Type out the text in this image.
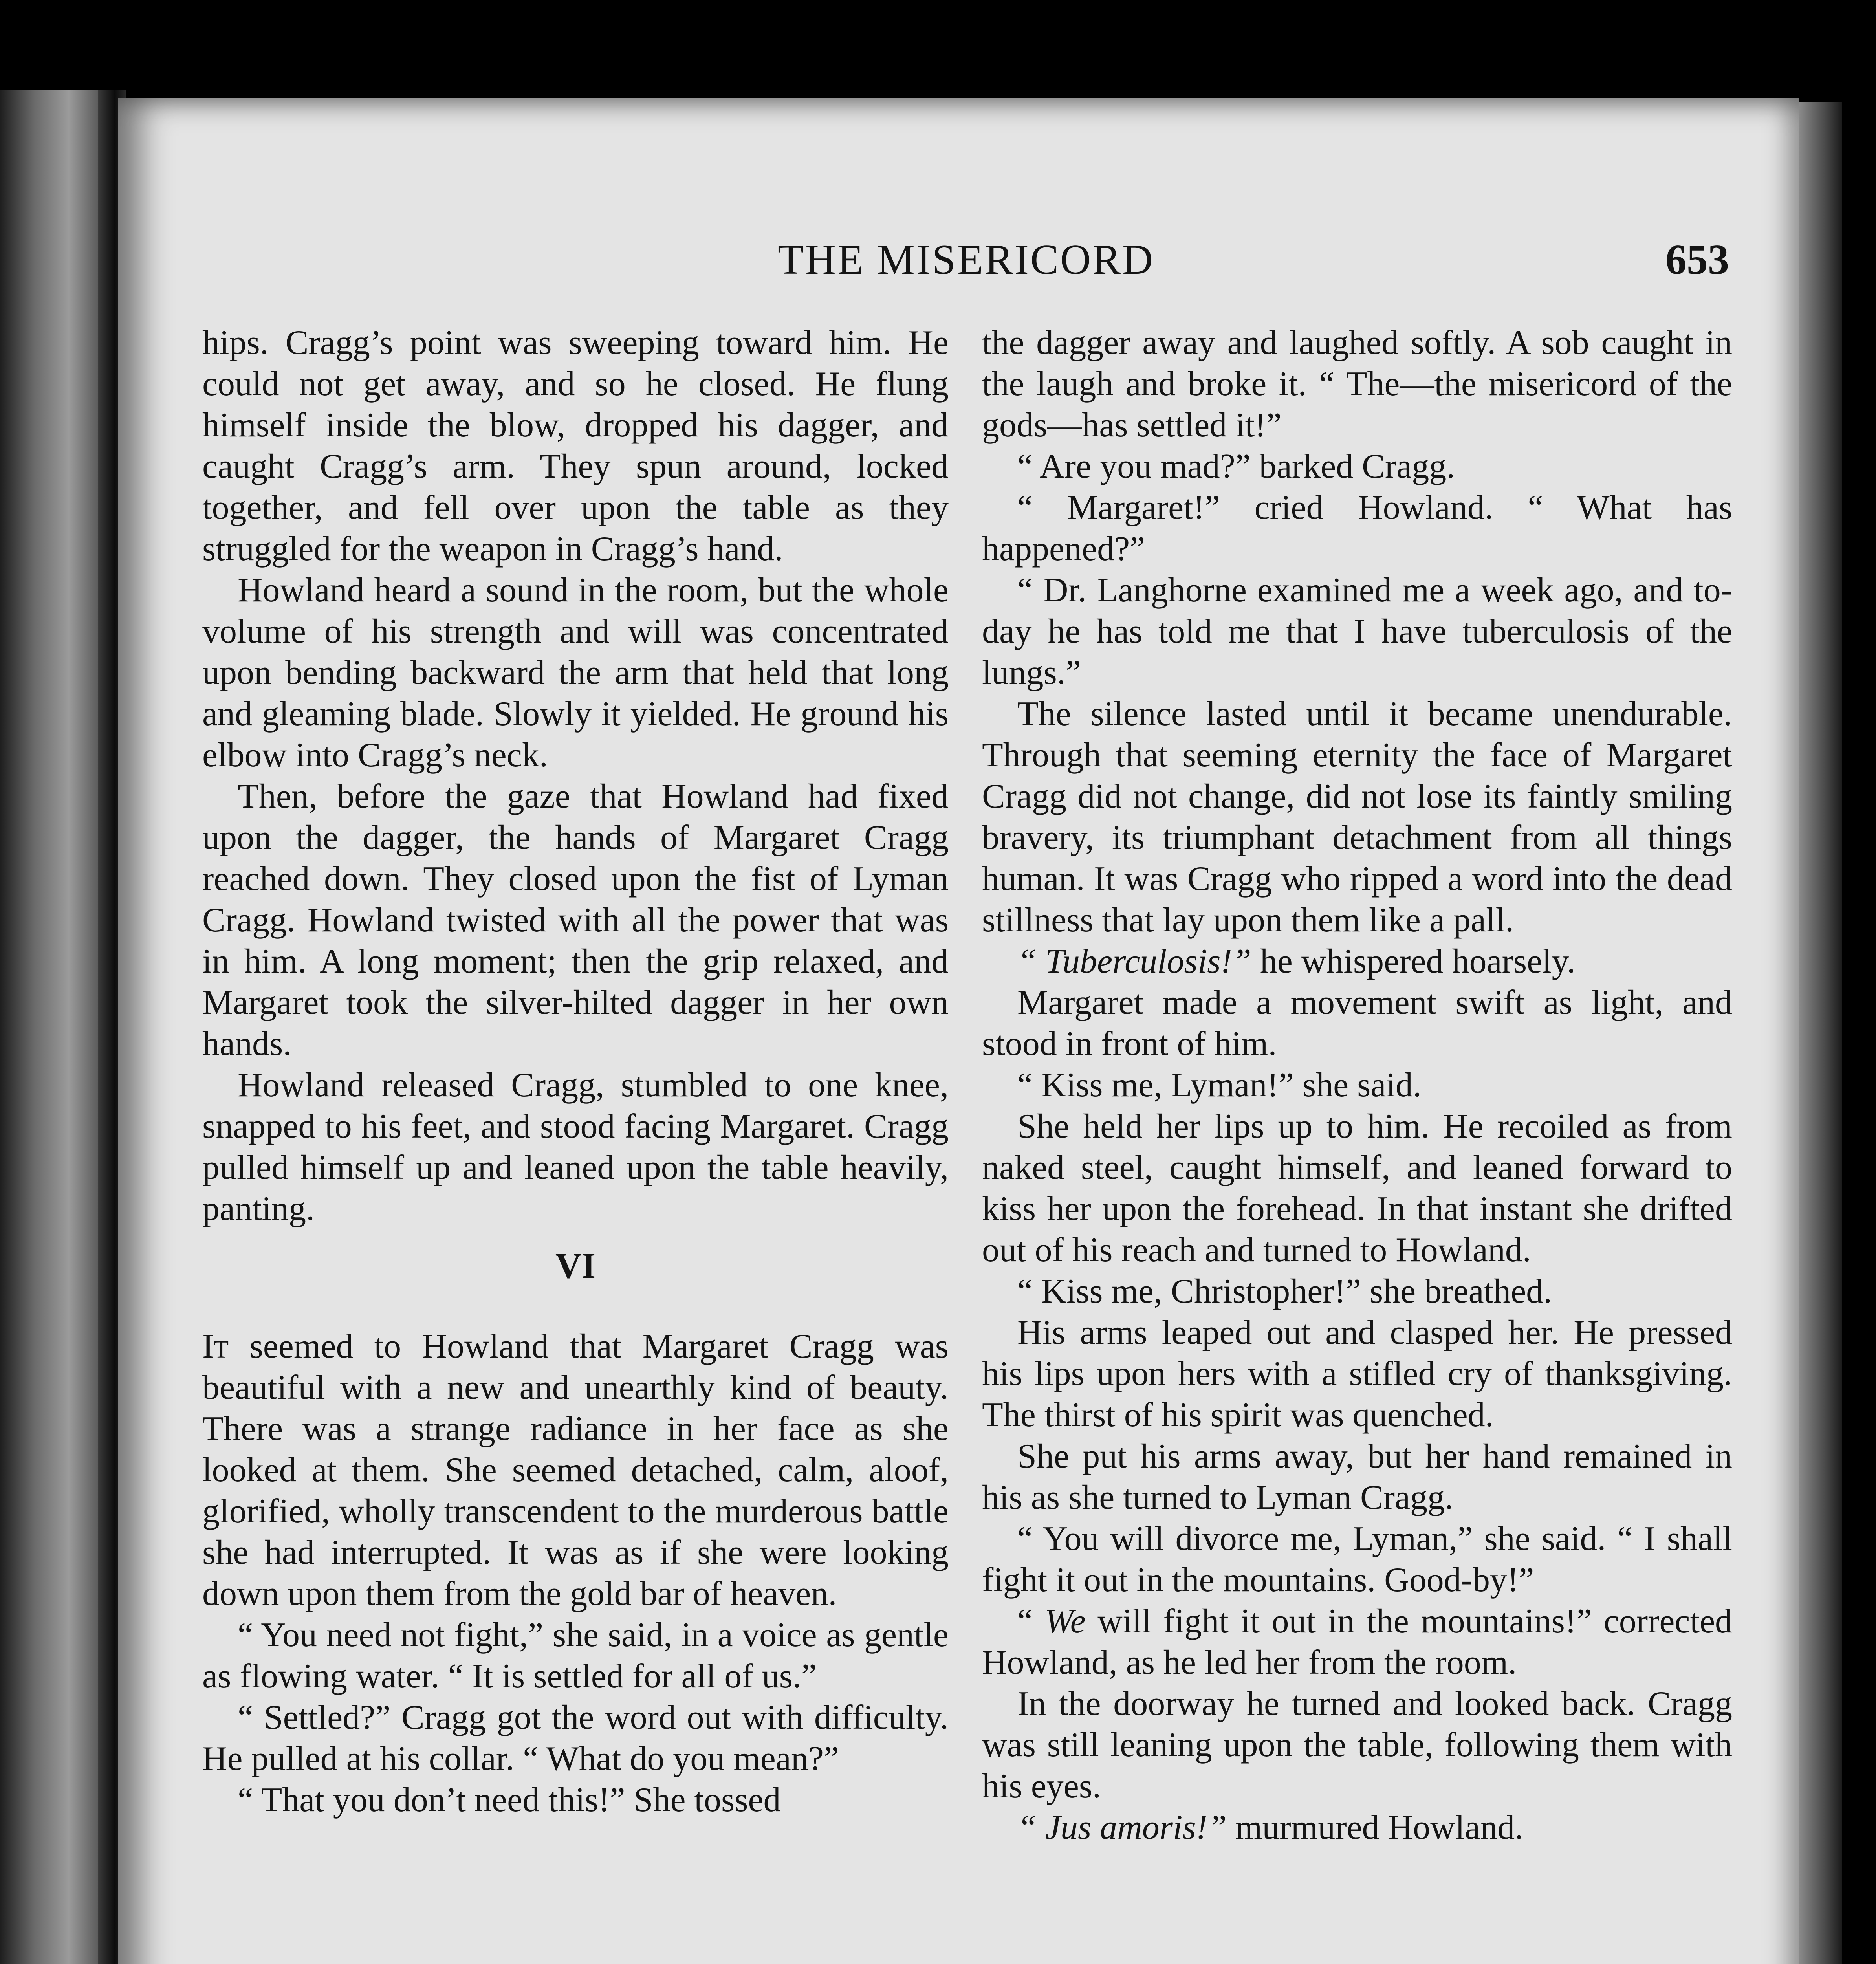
THE MISERICORD	653

hips. Cragg’s point was sweeping toward him. He could not get away, and so he closed. He flung himself inside the blow, dropped his dagger, and caught Cragg’s arm. They spun around, locked together, and fell over upon the table as they struggled for the weapon in Cragg’s hand.

Howland heard a sound in the room, but the whole volume of his strength and will was concentrated upon bending backward the arm that held that long and gleaming blade. Slowly it yielded. He ground his elbow into Cragg’s neck.

Then, before the gaze that Howland had fixed upon the dagger, the hands of Margaret Cragg reached down. They closed upon the fist of Lyman Cragg. Howland twisted with all the power that was in him. A long moment; then the grip relaxed, and Margaret took the silver-hilted dagger in her own hands.

Howland released Cragg, stumbled to one knee, snapped to his feet, and stood facing Margaret. Cragg pulled himself up and leaned upon the table heavily, panting.

VI

It seemed to Howland that Margaret Cragg was beautiful with a new and unearthly kind of beauty. There was a strange radiance in her face as she looked at them. She seemed detached, calm, aloof, glorified, wholly transcendent to the murderous battle she had interrupted. It was as if she were looking down upon them from the gold bar of heaven.

“ You need not fight,” she said, in a voice as gentle as flowing water. “ It is settled for all of us.”

“ Settled?” Cragg got the word out with difficulty. He pulled at his collar. “ What do you mean?”

“ That you don’t need this!” She tossed

the dagger away and laughed softly. A sob caught in the laugh and broke it. “ The—the misericord of the gods—has settled it!”

“ Are you mad?” barked Cragg.

“ Margaret!” cried Howland. “ What has happened?”

“ Dr. Langhorne examined me a week ago, and to-day he has told me that I have tuberculosis of the lungs.”

The silence lasted until it became unendurable. Through that seeming eternity the face of Margaret Cragg did not change, did not lose its faintly smiling bravery, its triumphant detachment from all things human. It was Cragg who ripped a word into the dead stillness that lay upon them like a pall.

“ Tuberculosis!” he whispered hoarsely.

Margaret made a movement swift as light, and stood in front of him.

“ Kiss me, Lyman!” she said.

She held her lips up to him. He recoiled as from naked steel, caught himself, and leaned forward to kiss her upon the forehead. In that instant she drifted out of his reach and turned to Howland.

“ Kiss me, Christopher!” she breathed.

His arms leaped out and clasped her. He pressed his lips upon hers with a stifled cry of thanksgiving. The thirst of his spirit was quenched.

She put his arms away, but her hand remained in his as she turned to Lyman Cragg.

“ You will divorce me, Lyman,” she said. “ I shall fight it out in the mountains. Good-by!”

“ We will fight it out in the mountains!” corrected Howland, as he led her from the room.

In the doorway he turned and looked back. Cragg was still leaning upon the table, following them with his eyes.

“ Jus amoris!” murmured Howland.
